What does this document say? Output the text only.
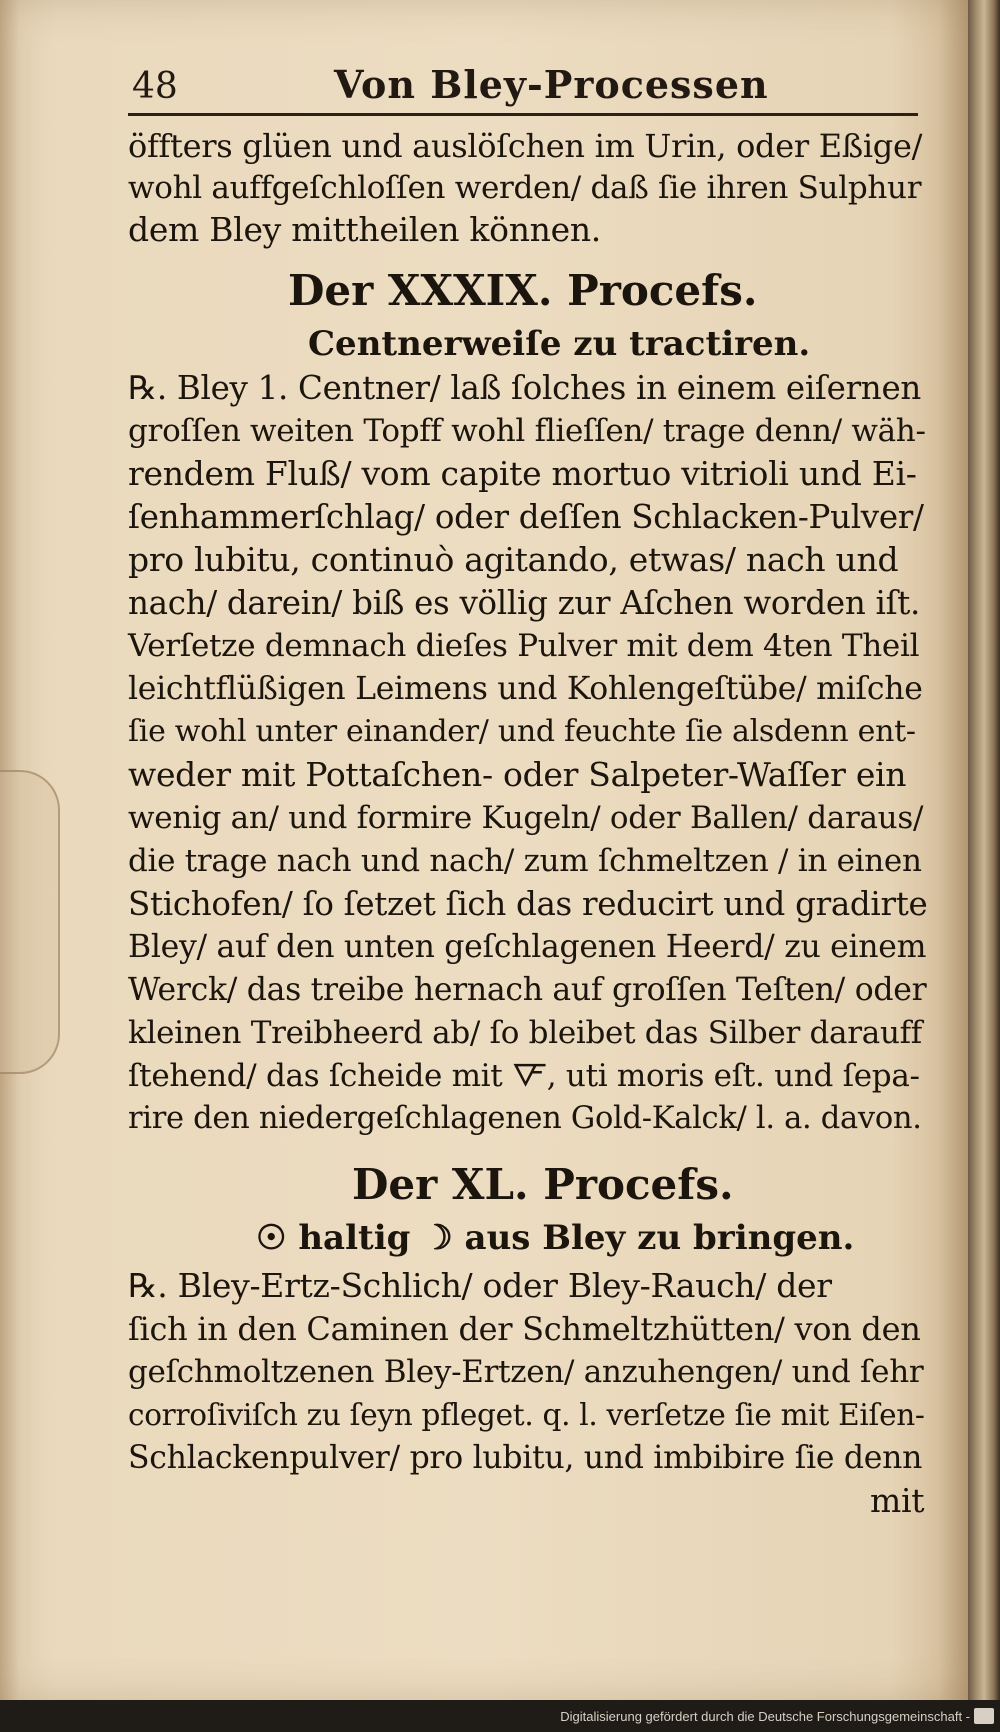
48	Von Bley-Processen
öffters glüen und auslöſchen im Urin, oder Eßige/
wohl auffgeſchloſſen werden/ daß ſie ihren Sulphur
dem Bley mittheilen können.
Der XXXIX. Procefs.
Centnerweiſe zu tractiren.
℞. Bley 1. Centner/ laß ſolches in einem eiſernen
groſſen weiten Topff wohl flieſſen/ trage denn/ wäh-
rendem Fluß/ vom capite mortuo vitrioli und Ei-
ſenhammerſchlag/ oder deſſen Schlacken-Pulver/
pro lubitu, continuò agitando, etwas/ nach und
nach/ darein/ biß es völlig zur Aſchen worden iſt.
Verſetze demnach dieſes Pulver mit dem 4ten Theil
leichtflüßigen Leimens und Kohlengeſtübe/ miſche
ſie wohl unter einander/ und feuchte ſie alsdenn ent-
weder mit Pottaſchen- oder Salpeter-Waſſer ein
wenig an/ und formire Kugeln/ oder Ballen/ daraus/
die trage nach und nach/ zum ſchmeltzen / in einen
Stichofen/ ſo ſetzet ſich das reducirt und gradirte
Bley/ auf den unten geſchlagenen Heerd/ zu einem
Werck/ das treibe hernach auf groſſen Teſten/ oder
kleinen Treibheerd ab/ ſo bleibet das Silber darauff
ſtehend/ das ſcheide mit 🜅, uti moris eſt. und ſepa-
rire den niedergeſchlagenen Gold-Kalck/ l. a. davon.
Der XL. Procefs.
☉ haltig ☽ aus Bley zu bringen.
℞. Bley-Ertz-Schlich/ oder Bley-Rauch/ der
ſich in den Caminen der Schmeltzhütten/ von den
geſchmoltzenen Bley-Ertzen/ anzuhengen/ und ſehr
corroſiviſch zu ſeyn pfleget. q. l. verſetze ſie mit Eiſen-
Schlackenpulver/ pro lubitu, und imbibire ſie denn
mit
Digitalisierung gefördert durch die Deutsche Forschungsgemeinschaft -
